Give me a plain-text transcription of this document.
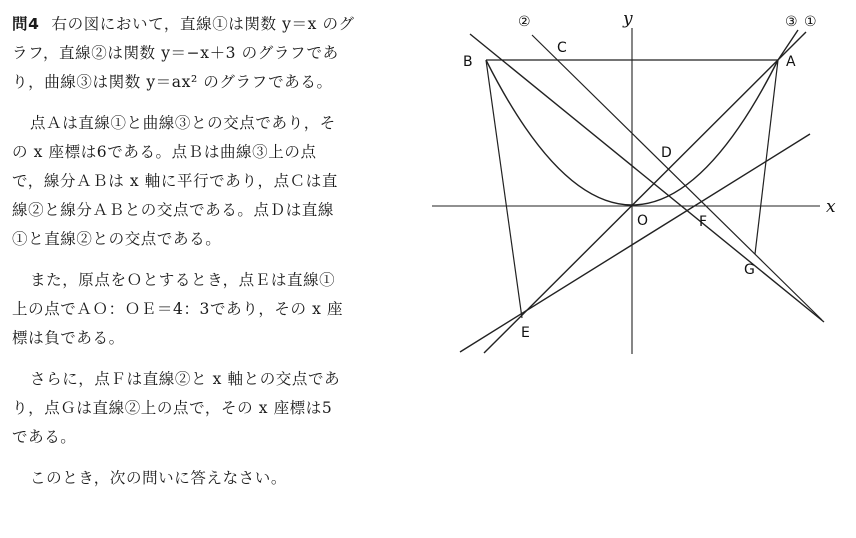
問4 右の図において，直線①は関数 y＝x のグ
ラフ，直線②は関数 y＝−x＋3 のグラフであ
り，曲線③は関数 y＝ax² のグラフである。
点Ａは直線①と曲線③との交点であり，そ
の x 座標は6である。点Ｂは曲線③上の点
で，線分ＡＢは x 軸に平行であり，点Ｃは直
線②と線分ＡＢとの交点である。点Ｄは直線
①と直線②との交点である。
また，原点をＯとするとき，点Ｅは直線①
上の点でＡＯ：ＯＥ＝4：3であり，その x 座
標は負である。
さらに，点Ｆは直線②と x 軸との交点であ
り，点Ｇは直線②上の点で，その x 座標は5
である。
このとき，次の問いに答えなさい。
B	A
C
D
O	F
G
E
②	③ ①
y
x
